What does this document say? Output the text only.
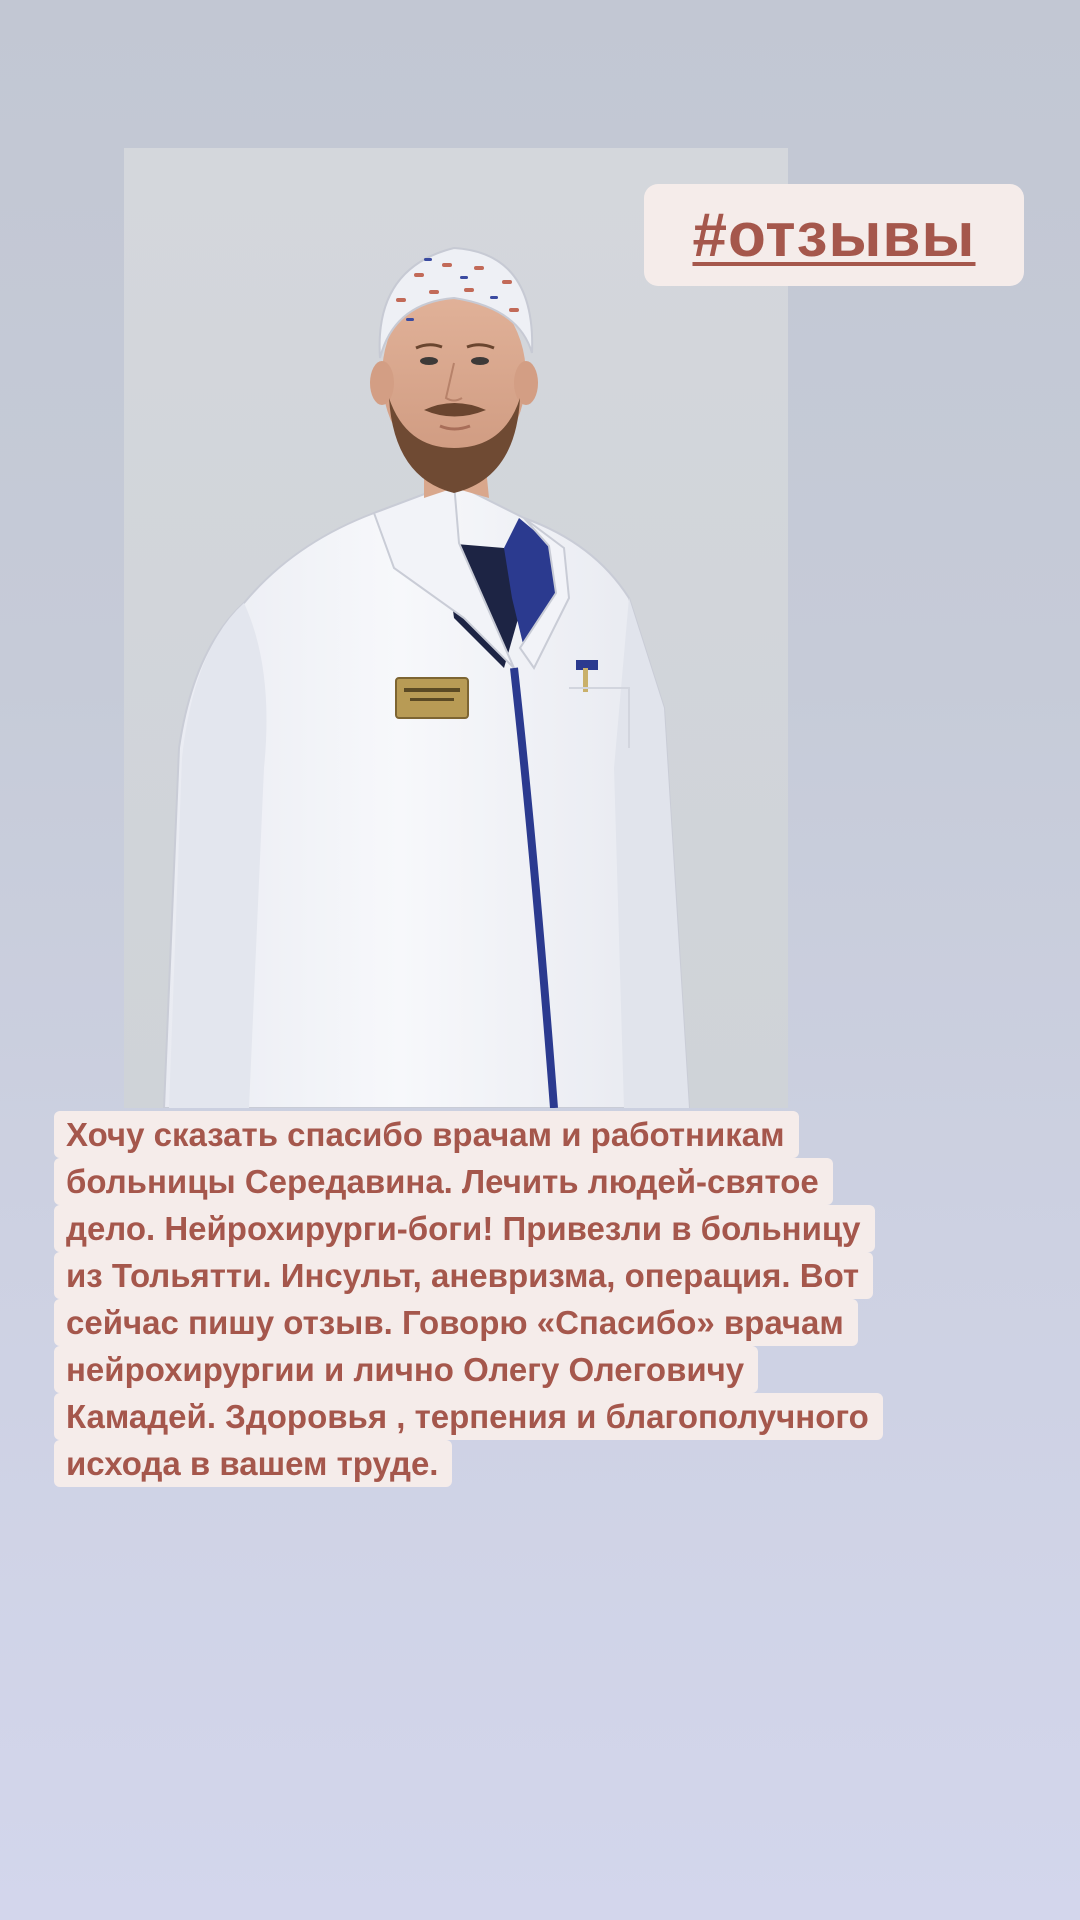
#отзывы
Хочу сказать спасибо врачам и работникам
больницы Середавина. Лечить людей-святое
дело. Нейрохирурги-боги! Привезли в больницу
из Тольятти. Инсульт, аневризма, операция. Вот
сейчас пишу отзыв. Говорю «Спасибо» врачам
нейрохирургии и лично Олегу Олеговичу
Камадей. Здоровья , терпения и благополучного
исхода в вашем труде.
